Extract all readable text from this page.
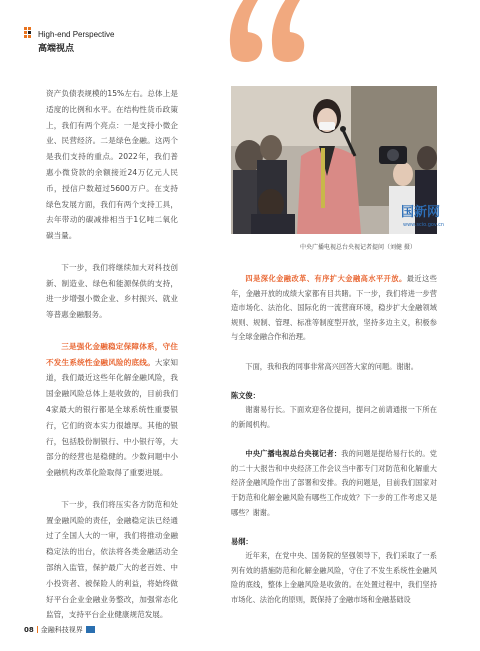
High-end Perspective
高端视点

资产负债表规模的15%左右。总体上是适度的比例和水平。在结构性货币政策上，我们有两个亮点：一是支持小微企业、民营经济。二是绿色金融。这两个是我们支持的重点。2022年，我们普惠小微贷款的余额接近24万亿元人民币，授信户数超过5600万户。在支持绿色发展方面，我们有两个支持工具，去年带动的碳减排相当于1亿吨二氧化碳当量。

下一步，我们将继续加大对科技创新、制造业、绿色和能源保供的支持，进一步增强小微企业、乡村振兴、就业等普惠金融服务。

三是强化金融稳定保障体系，守住不发生系统性金融风险的底线。大家知道，我们最近这些年化解金融风险，我国金融风险总体上是收敛的，目前我们4家最大的银行都是全球系统性重要银行，它们的资本实力很雄厚。其他的银行，包括股份制银行、中小银行等，大部分的经营也是稳健的。少数问题中小金融机构改革化险取得了重要进展。

下一步，我们将压实各方防范和处置金融风险的责任，金融稳定法已经通过了全国人大的一审，我们将推动金融稳定法的出台，依法将各类金融活动全部纳入监管，保护最广大的老百姓、中小投资者、被保险人的利益，将始终做好平台企业金融业务整改，加强常态化监管，支持平台企业健康规范发展。

国新网
www.scio.gov.cn
中央广播电视总台央视记者提问（刘健 摄）

四是深化金融改革、有序扩大金融高水平开放。最近这些年，金融开放的成绩大家都有目共睹。下一步，我们将进一步营造市场化、法治化、国际化的一流营商环境，稳步扩大金融领域规则、规制、管理、标准等制度型开放，坚持多边主义，积极参与全球金融合作和治理。

下面，我和我的同事非常高兴回答大家的问题。谢谢。

陈文俊：

谢谢易行长。下面欢迎各位提问，提问之前请通报一下所在的新闻机构。

中央广播电视总台央视记者：我的问题是提给易行长的。党的二十大报告和中央经济工作会议当中都专门对防范和化解重大经济金融风险作出了部署和安排。我的问题是，目前我们国家对于防范和化解金融风险有哪些工作成效？下一步的工作考虑又是哪些？谢谢。

易纲：

近年来，在党中央、国务院的坚强领导下，我们采取了一系列有效的措施防范和化解金融风险，守住了不发生系统性金融风险的底线，整体上金融风险是收敛的。在处置过程中，我们坚持市场化、法治化的原则，既保持了金融市场和金融基础设

08 金融科技视界
